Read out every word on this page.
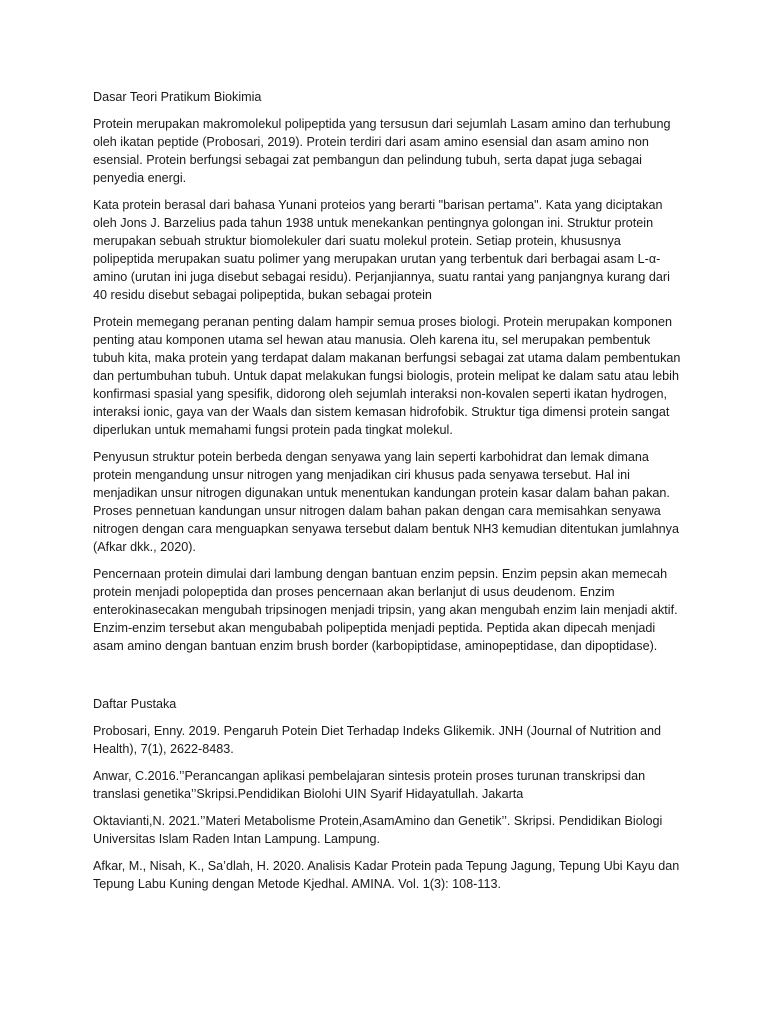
Dasar Teori Pratikum Biokimia

Protein merupakan makromolekul polipeptida yang tersusun dari sejumlah Lasam amino dan terhubung oleh ikatan peptide (Probosari, 2019). Protein terdiri dari asam amino esensial dan asam amino non esensial. Protein berfungsi sebagai zat pembangun dan pelindung tubuh, serta dapat juga sebagai penyedia energi.

Kata protein berasal dari bahasa Yunani proteios yang berarti "barisan pertama". Kata yang diciptakan oleh Jons J. Barzelius pada tahun 1938 untuk menekankan pentingnya golongan ini. Struktur protein merupakan sebuah struktur biomolekuler dari suatu molekul protein. Setiap protein, khususnya polipeptida merupakan suatu polimer yang merupakan urutan yang terbentuk dari berbagai asam L-α-amino (urutan ini juga disebut sebagai residu). Perjanjiannya, suatu rantai yang panjangnya kurang dari 40 residu disebut sebagai polipeptida, bukan sebagai protein

Protein memegang peranan penting dalam hampir semua proses biologi. Protein merupakan komponen penting atau komponen utama sel hewan atau manusia. Oleh karena itu, sel merupakan pembentuk tubuh kita, maka protein yang terdapat dalam makanan berfungsi sebagai zat utama dalam pembentukan dan pertumbuhan tubuh. Untuk dapat melakukan fungsi biologis, protein melipat ke dalam satu atau lebih konfirmasi spasial yang spesifik, didorong oleh sejumlah interaksi non-kovalen seperti ikatan hydrogen, interaksi ionic, gaya van der Waals dan sistem kemasan hidrofobik. Struktur tiga dimensi protein sangat diperlukan untuk memahami fungsi protein pada tingkat molekul.

Penyusun struktur potein berbeda dengan senyawa yang lain seperti karbohidrat dan lemak dimana protein mengandung unsur nitrogen yang menjadikan ciri khusus pada senyawa tersebut. Hal ini menjadikan unsur nitrogen digunakan untuk menentukan kandungan protein kasar dalam bahan pakan. Proses pennetuan kandungan unsur nitrogen dalam bahan pakan dengan cara memisahkan senyawa nitrogen dengan cara menguapkan senyawa tersebut dalam bentuk NH3 kemudian ditentukan jumlahnya (Afkar dkk., 2020).

Pencernaan protein dimulai dari lambung dengan bantuan enzim pepsin. Enzim pepsin akan memecah protein menjadi polopeptida dan proses pencernaan akan berlanjut di usus deudenom. Enzim enterokinasecakan mengubah tripsinogen menjadi tripsin, yang akan mengubah enzim lain menjadi aktif. Enzim-enzim tersebut akan mengubabah polipeptida menjadi peptida. Peptida akan dipecah menjadi asam amino dengan bantuan enzim brush border (karbopiptidase, aminopeptidase, dan dipoptidase).

Daftar Pustaka

Probosari, Enny. 2019. Pengaruh Potein Diet Terhadap Indeks Glikemik. JNH (Journal of Nutrition and Health), 7(1), 2622-8483.

Anwar, C.2016.’’Perancangan aplikasi pembelajaran sintesis protein proses turunan transkripsi dan translasi genetika’’Skripsi.Pendidikan Biolohi UIN Syarif Hidayatullah. Jakarta

Oktavianti,N. 2021.’’Materi Metabolisme Protein,AsamAmino dan Genetik’’. Skripsi. Pendidikan Biologi Universitas Islam Raden Intan Lampung. Lampung.

Afkar, M., Nisah, K., Sa’dlah, H. 2020. Analisis Kadar Protein pada Tepung Jagung, Tepung Ubi Kayu dan Tepung Labu Kuning dengan Metode Kjedhal. AMINA. Vol. 1(3): 108-113.
